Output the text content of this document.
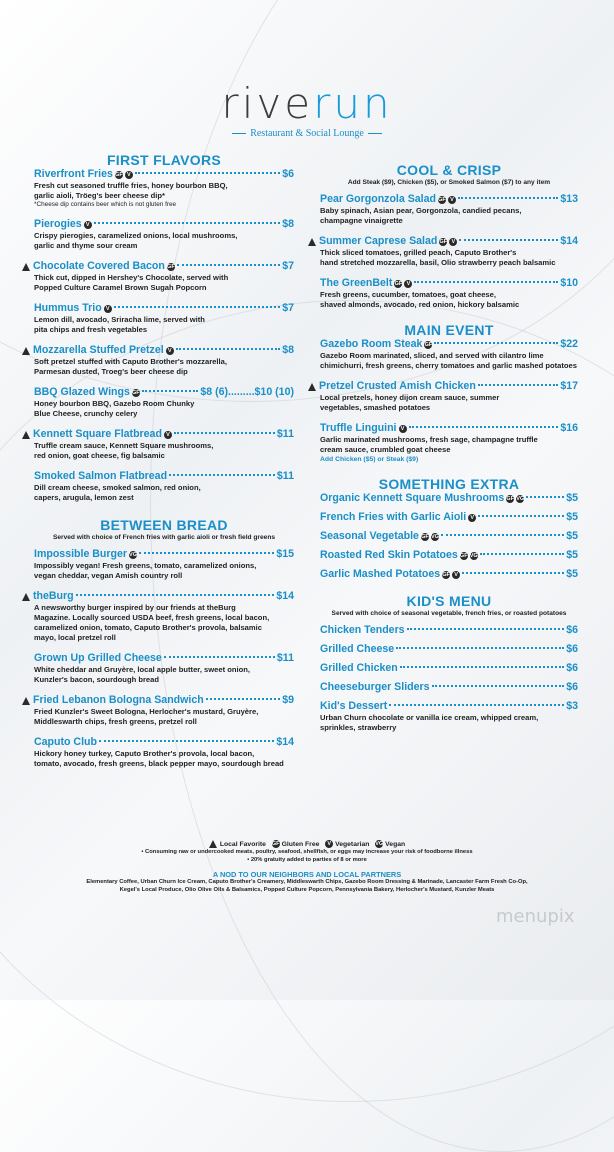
riverun
Restaurant & Social Lounge
FIRST FLAVORS
Riverfront Fries GF V	$6
Fresh cut seasoned truffle fries, honey bourbon BBQ,
garlic aioli, Tröeg's beer cheese dip*
*Cheese dip contains beer which is not gluten free
Pierogies V	$8
Crispy pierogies, caramelized onions, local mushrooms,
garlic and thyme sour cream
Chocolate Covered Bacon GF	$7
Thick cut, dipped in Hershey's Chocolate, served with
Popped Culture Caramel Brown Sugah Popcorn
Hummus Trio V	$7
Lemon dill, avocado, Sriracha lime, served with
pita chips and fresh vegetables
Mozzarella Stuffed Pretzel V	$8
Soft pretzel stuffed with Caputo Brother's mozzarella,
Parmesan dusted, Troeg's beer cheese dip
BBQ Glazed Wings GF	$8 (6).........$10 (10)
Honey bourbon BBQ, Gazebo Room Chunky
Blue Cheese, crunchy celery
Kennett Square Flatbread V	$11
Truffle cream sauce, Kennett Square mushrooms,
red onion, goat cheese, fig balsamic
Smoked Salmon Flatbread	$11
Dill cream cheese, smoked salmon, red onion,
capers, arugula, lemon zest
BETWEEN BREAD
Served with choice of French fries with garlic aioli or fresh field greens
Impossible Burger VG	$15
Impossibly vegan! Fresh greens, tomato, caramelized onions,
vegan cheddar, vegan Amish country roll
theBurg	$14
A newsworthy burger inspired by our friends at theBurg
Magazine. Locally sourced USDA beef, fresh greens, local bacon,
caramelized onion, tomato, Caputo Brother's provola, balsamic
mayo, local pretzel roll
Grown Up Grilled Cheese	$11
White cheddar and Gruyère, local apple butter, sweet onion,
Kunzler's bacon, sourdough bread
Fried Lebanon Bologna Sandwich	$9
Fried Kunzler's Sweet Bologna, Herlocher's mustard, Gruyère,
Middleswarth chips, fresh greens, pretzel roll
Caputo Club	$14
Hickory honey turkey, Caputo Brother's provola, local bacon,
tomato, avocado, fresh greens, black pepper mayo, sourdough bread
COOL & CRISP
Add Steak ($9), Chicken ($5), or Smoked Salmon ($7) to any item
Pear Gorgonzola Salad GF V	$13
Baby spinach, Asian pear, Gorgonzola, candied pecans,
champagne vinaigrette
Summer Caprese Salad GF V	$14
Thick sliced tomatoes, grilled peach, Caputo Brother's
hand stretched mozzarella, basil, Olio strawberry peach balsamic
The GreenBelt GF V	$10
Fresh greens, cucumber, tomatoes, goat cheese,
shaved almonds, avocado, red onion, hickory balsamic
MAIN EVENT
Gazebo Room Steak GF	$22
Gazebo Room marinated, sliced, and served with cilantro lime
chimichurri, fresh greens, cherry tomatoes and garlic mashed potatoes
Pretzel Crusted Amish Chicken	$17
Local pretzels, honey dijon cream sauce, summer
vegetables, smashed potatoes
Truffle Linguini V	$16
Garlic marinated mushrooms, fresh sage, champagne truffle
cream sauce, crumbled goat cheese
Add Chicken ($5) or Steak ($9)
SOMETHING EXTRA
Organic Kennett Square Mushrooms GF VG	$5
French Fries with Garlic Aioli V	$5
Seasonal Vegetable GF VG	$5
Roasted Red Skin Potatoes GF VG	$5
Garlic Mashed Potatoes GF V	$5
KID'S MENU
Served with choice of seasonal vegetable, french fries, or roasted potatoes
Chicken Tenders	$6
Grilled Cheese	$6
Grilled Chicken	$6
Cheeseburger Sliders	$6
Kid's Dessert	$3
Urban Churn chocolate or vanilla ice cream, whipped cream,
sprinkles, strawberry
Local Favorite GF Gluten Free V Vegetarian VG Vegan
• Consuming raw or undercooked meats, poultry, seafood, shellfish, or eggs may increase your risk of foodborne illness
• 20% gratuity added to parties of 8 or more
A NOD TO OUR NEIGHBORS AND LOCAL PARTNERS
Elementary Coffee, Urban Churn Ice Cream, Caputo Brother's Creamery, Middleswarth Chips, Gazebo Room Dressing & Marinade, Lancaster Farm Fresh Co-Op,
Kegel's Local Produce, Olio Olive Oils & Balsamics, Popped Culture Popcorn, Pennsylvania Bakery, Herlocher's Mustard, Kunzler Meats
menupix
